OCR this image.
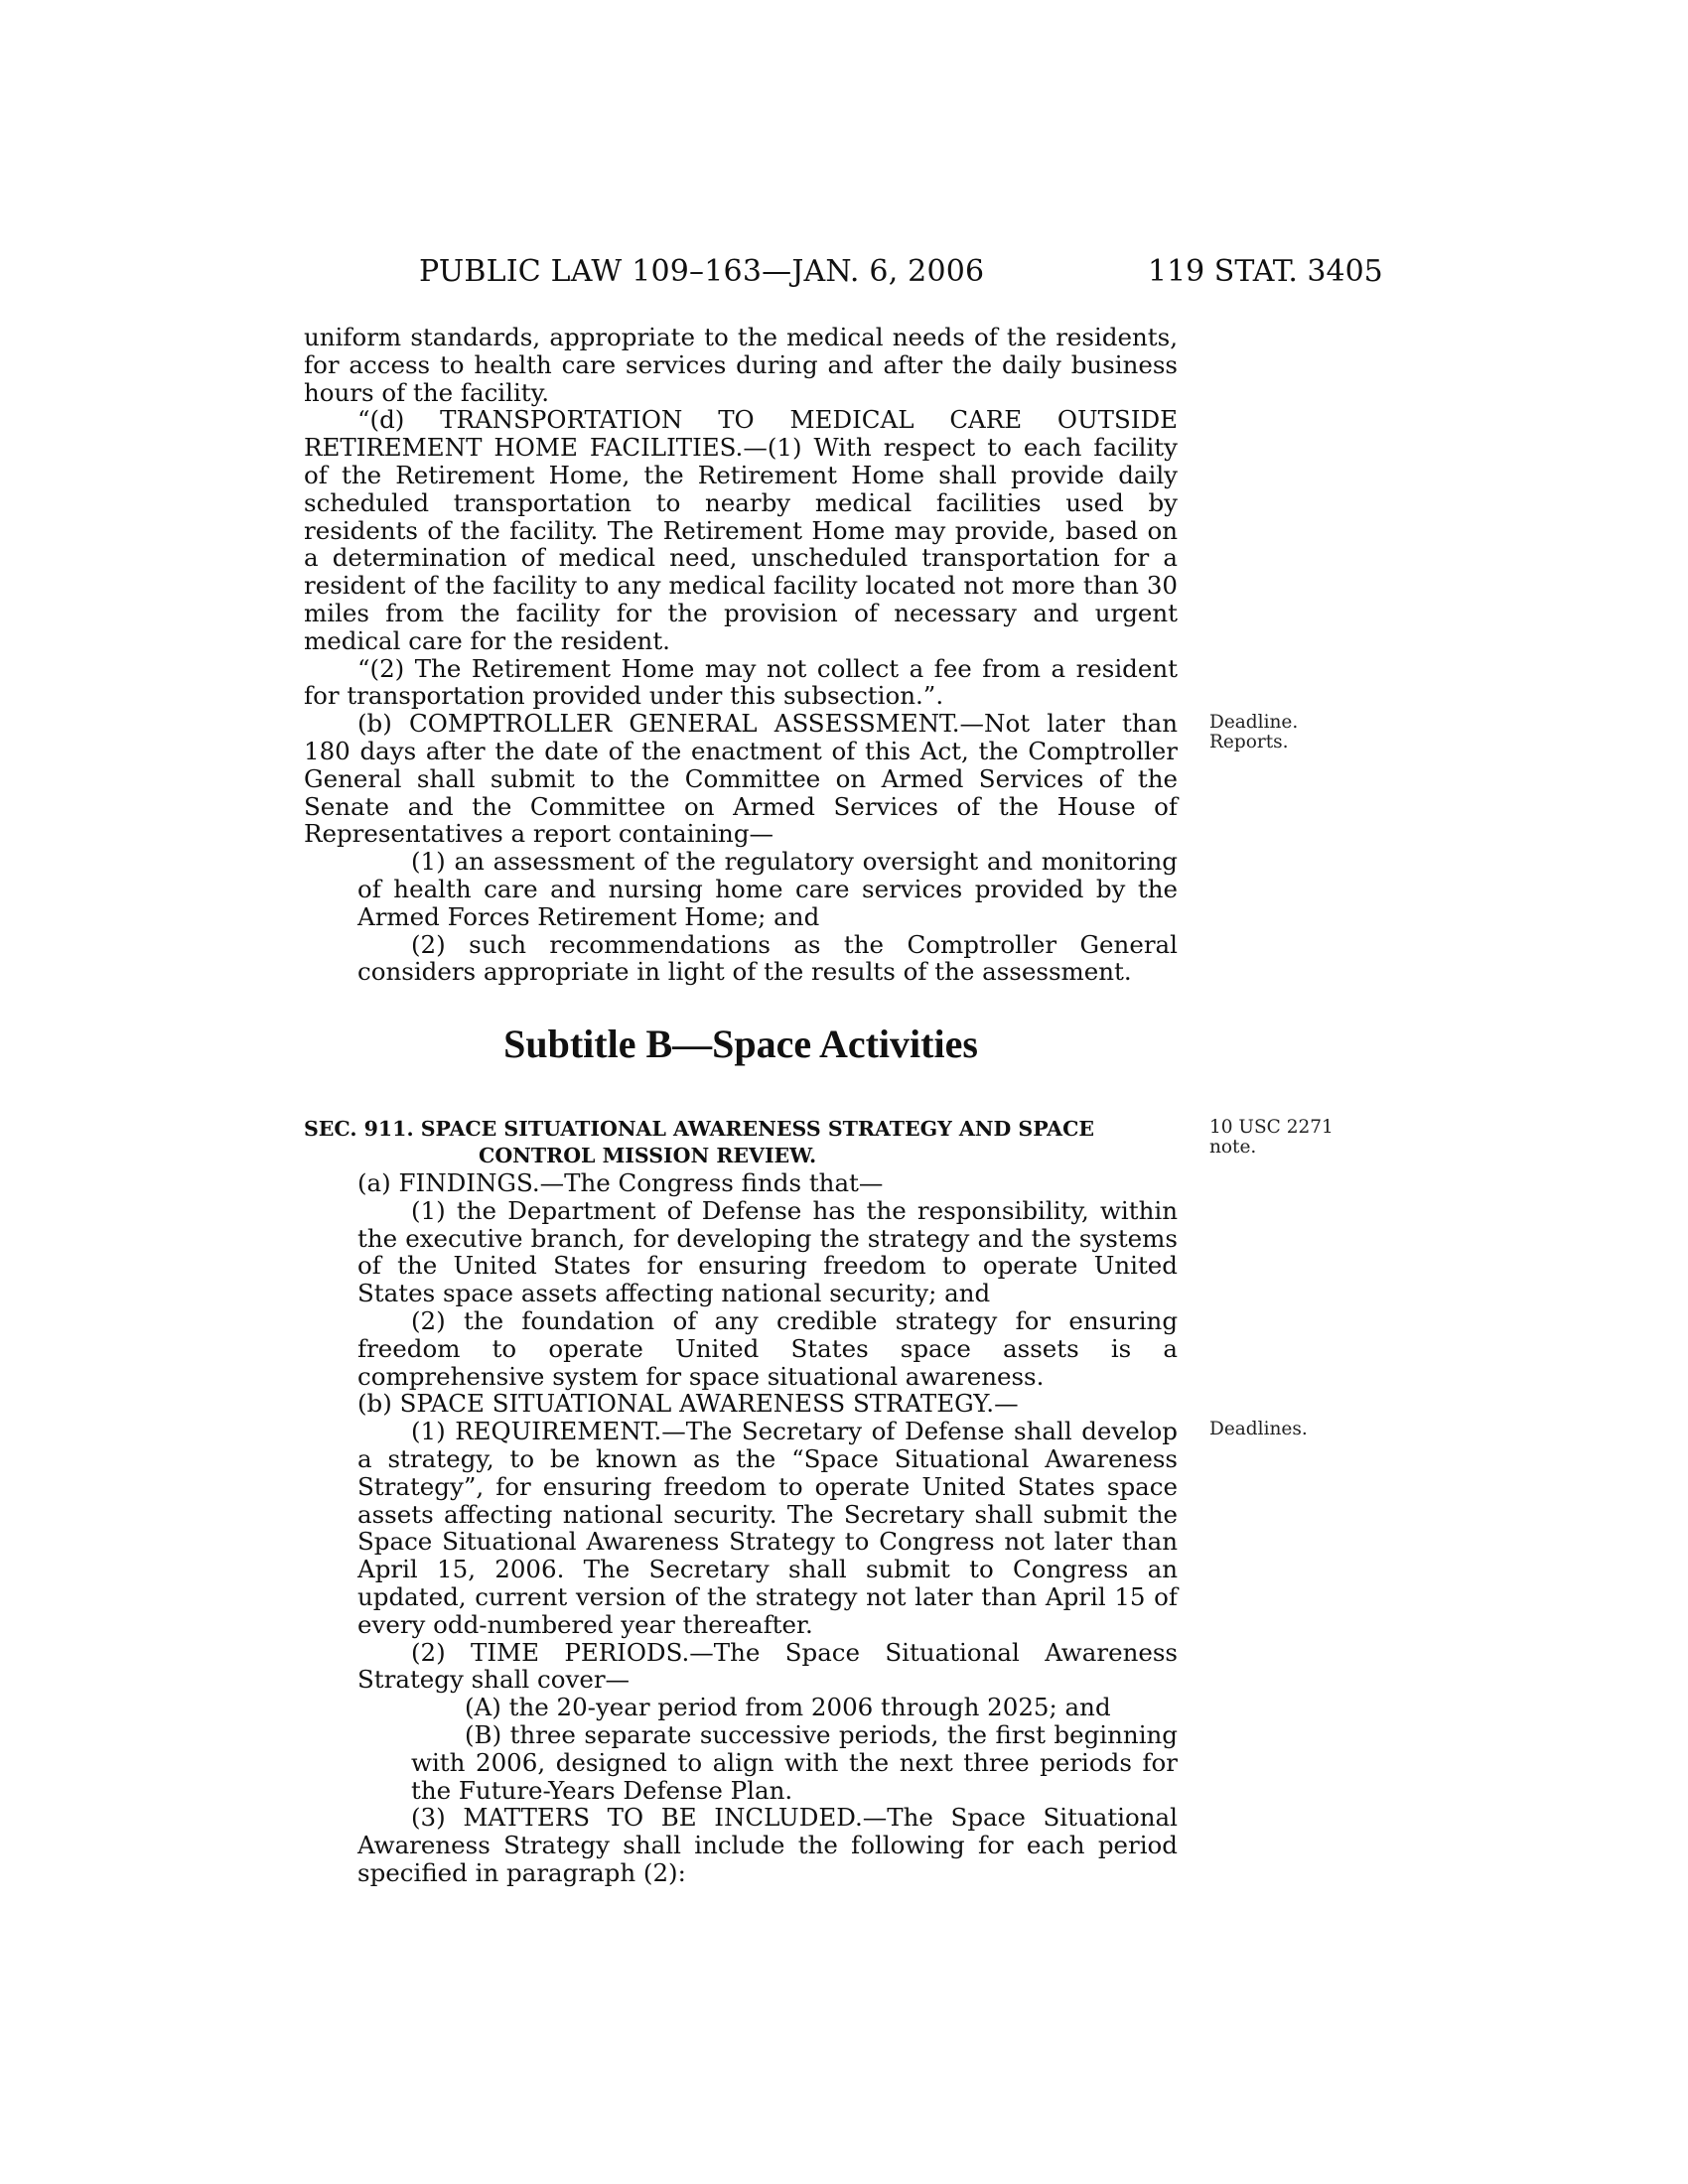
PUBLIC LAW 109–163—JAN. 6, 2006	119 STAT. 3405

uniform standards, appropriate to the medical needs of the residents, for access to health care services during and after the daily business hours of the facility.

“(d) TRANSPORTATION TO MEDICAL CARE OUTSIDE RETIREMENT HOME FACILITIES.—(1) With respect to each facility of the Retirement Home, the Retirement Home shall provide daily scheduled transportation to nearby medical facilities used by residents of the facility. The Retirement Home may provide, based on a determination of medical need, unscheduled transportation for a resident of the facility to any medical facility located not more than 30 miles from the facility for the provision of necessary and urgent medical care for the resident.

“(2) The Retirement Home may not collect a fee from a resident for transportation provided under this subsection.”.

(b) COMPTROLLER GENERAL ASSESSMENT.—Not later than 180 days after the date of the enactment of this Act, the Comptroller General shall submit to the Committee on Armed Services of the Senate and the Committee on Armed Services of the House of Representatives a report containing—

(1) an assessment of the regulatory oversight and monitoring of health care and nursing home care services provided by the Armed Forces Retirement Home; and

(2) such recommendations as the Comptroller General considers appropriate in light of the results of the assessment.

Deadline.
Reports.
Subtitle B—Space Activities
SEC. 911. SPACE SITUATIONAL AWARENESS STRATEGY AND SPACE
CONTROL MISSION REVIEW.
10 USC 2271
note.

(a) FINDINGS.—The Congress finds that—

(1) the Department of Defense has the responsibility, within the executive branch, for developing the strategy and the systems of the United States for ensuring freedom to operate United States space assets affecting national security; and

(2) the foundation of any credible strategy for ensuring freedom to operate United States space assets is a comprehensive system for space situational awareness.

(b) SPACE SITUATIONAL AWARENESS STRATEGY.—

(1) REQUIREMENT.—The Secretary of Defense shall develop a strategy, to be known as the “Space Situational Awareness Strategy”, for ensuring freedom to operate United States space assets affecting national security. The Secretary shall submit the Space Situational Awareness Strategy to Congress not later than April 15, 2006. The Secretary shall submit to Congress an updated, current version of the strategy not later than April 15 of every odd-numbered year thereafter.

(2) TIME PERIODS.—The Space Situational Awareness Strategy shall cover—

(A) the 20-year period from 2006 through 2025; and

(B) three separate successive periods, the first beginning with 2006, designed to align with the next three periods for the Future-Years Defense Plan.

(3) MATTERS TO BE INCLUDED.—The Space Situational Awareness Strategy shall include the following for each period specified in paragraph (2):

Deadlines.
